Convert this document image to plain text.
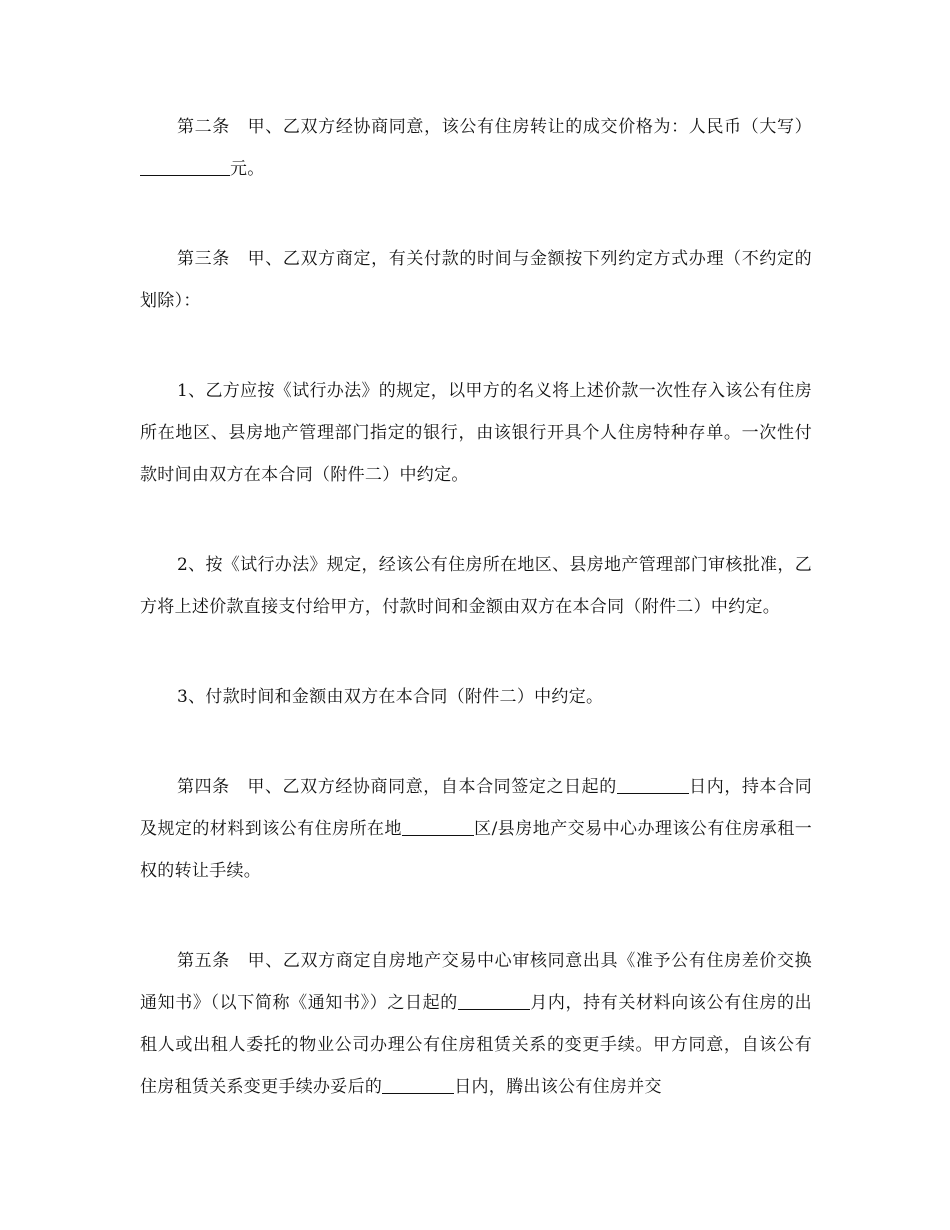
第二条　甲、乙双方经协商同意，该公有住房转让的成交价格为：人民币（大写）元。

第三条　甲、乙双方商定，有关付款的时间与金额按下列约定方式办理（不约定的划除）：

1、乙方应按《试行办法》的规定，以甲方的名义将上述价款一次性存入该公有住房所在地区、县房地产管理部门指定的银行，由该银行开具个人住房特种存单。一次性付款时间由双方在本合同（附件二）中约定。

2、按《试行办法》规定，经该公有住房所在地区、县房地产管理部门审核批准，乙方将上述价款直接支付给甲方，付款时间和金额由双方在本合同（附件二）中约定。

3、付款时间和金额由双方在本合同（附件二）中约定。

第四条　甲、乙双方经协商同意，自本合同签定之日起的	日内，持本合同及规定的材料到该公有住房所在地	区/县房地产交易中心办理该公有住房承租一权的转让手续。

第五条　甲、乙双方商定自房地产交易中心审核同意出具《准予公有住房差价交换通知书》（以下简称《通知书》）之日起的	月内，持有关材料向该公有住房的出租人或出租人委托的物业公司办理公有住房租赁关系的变更手续。甲方同意，自该公有住房租赁关系变更手续办妥后的	日内，腾出该公有住房并交
